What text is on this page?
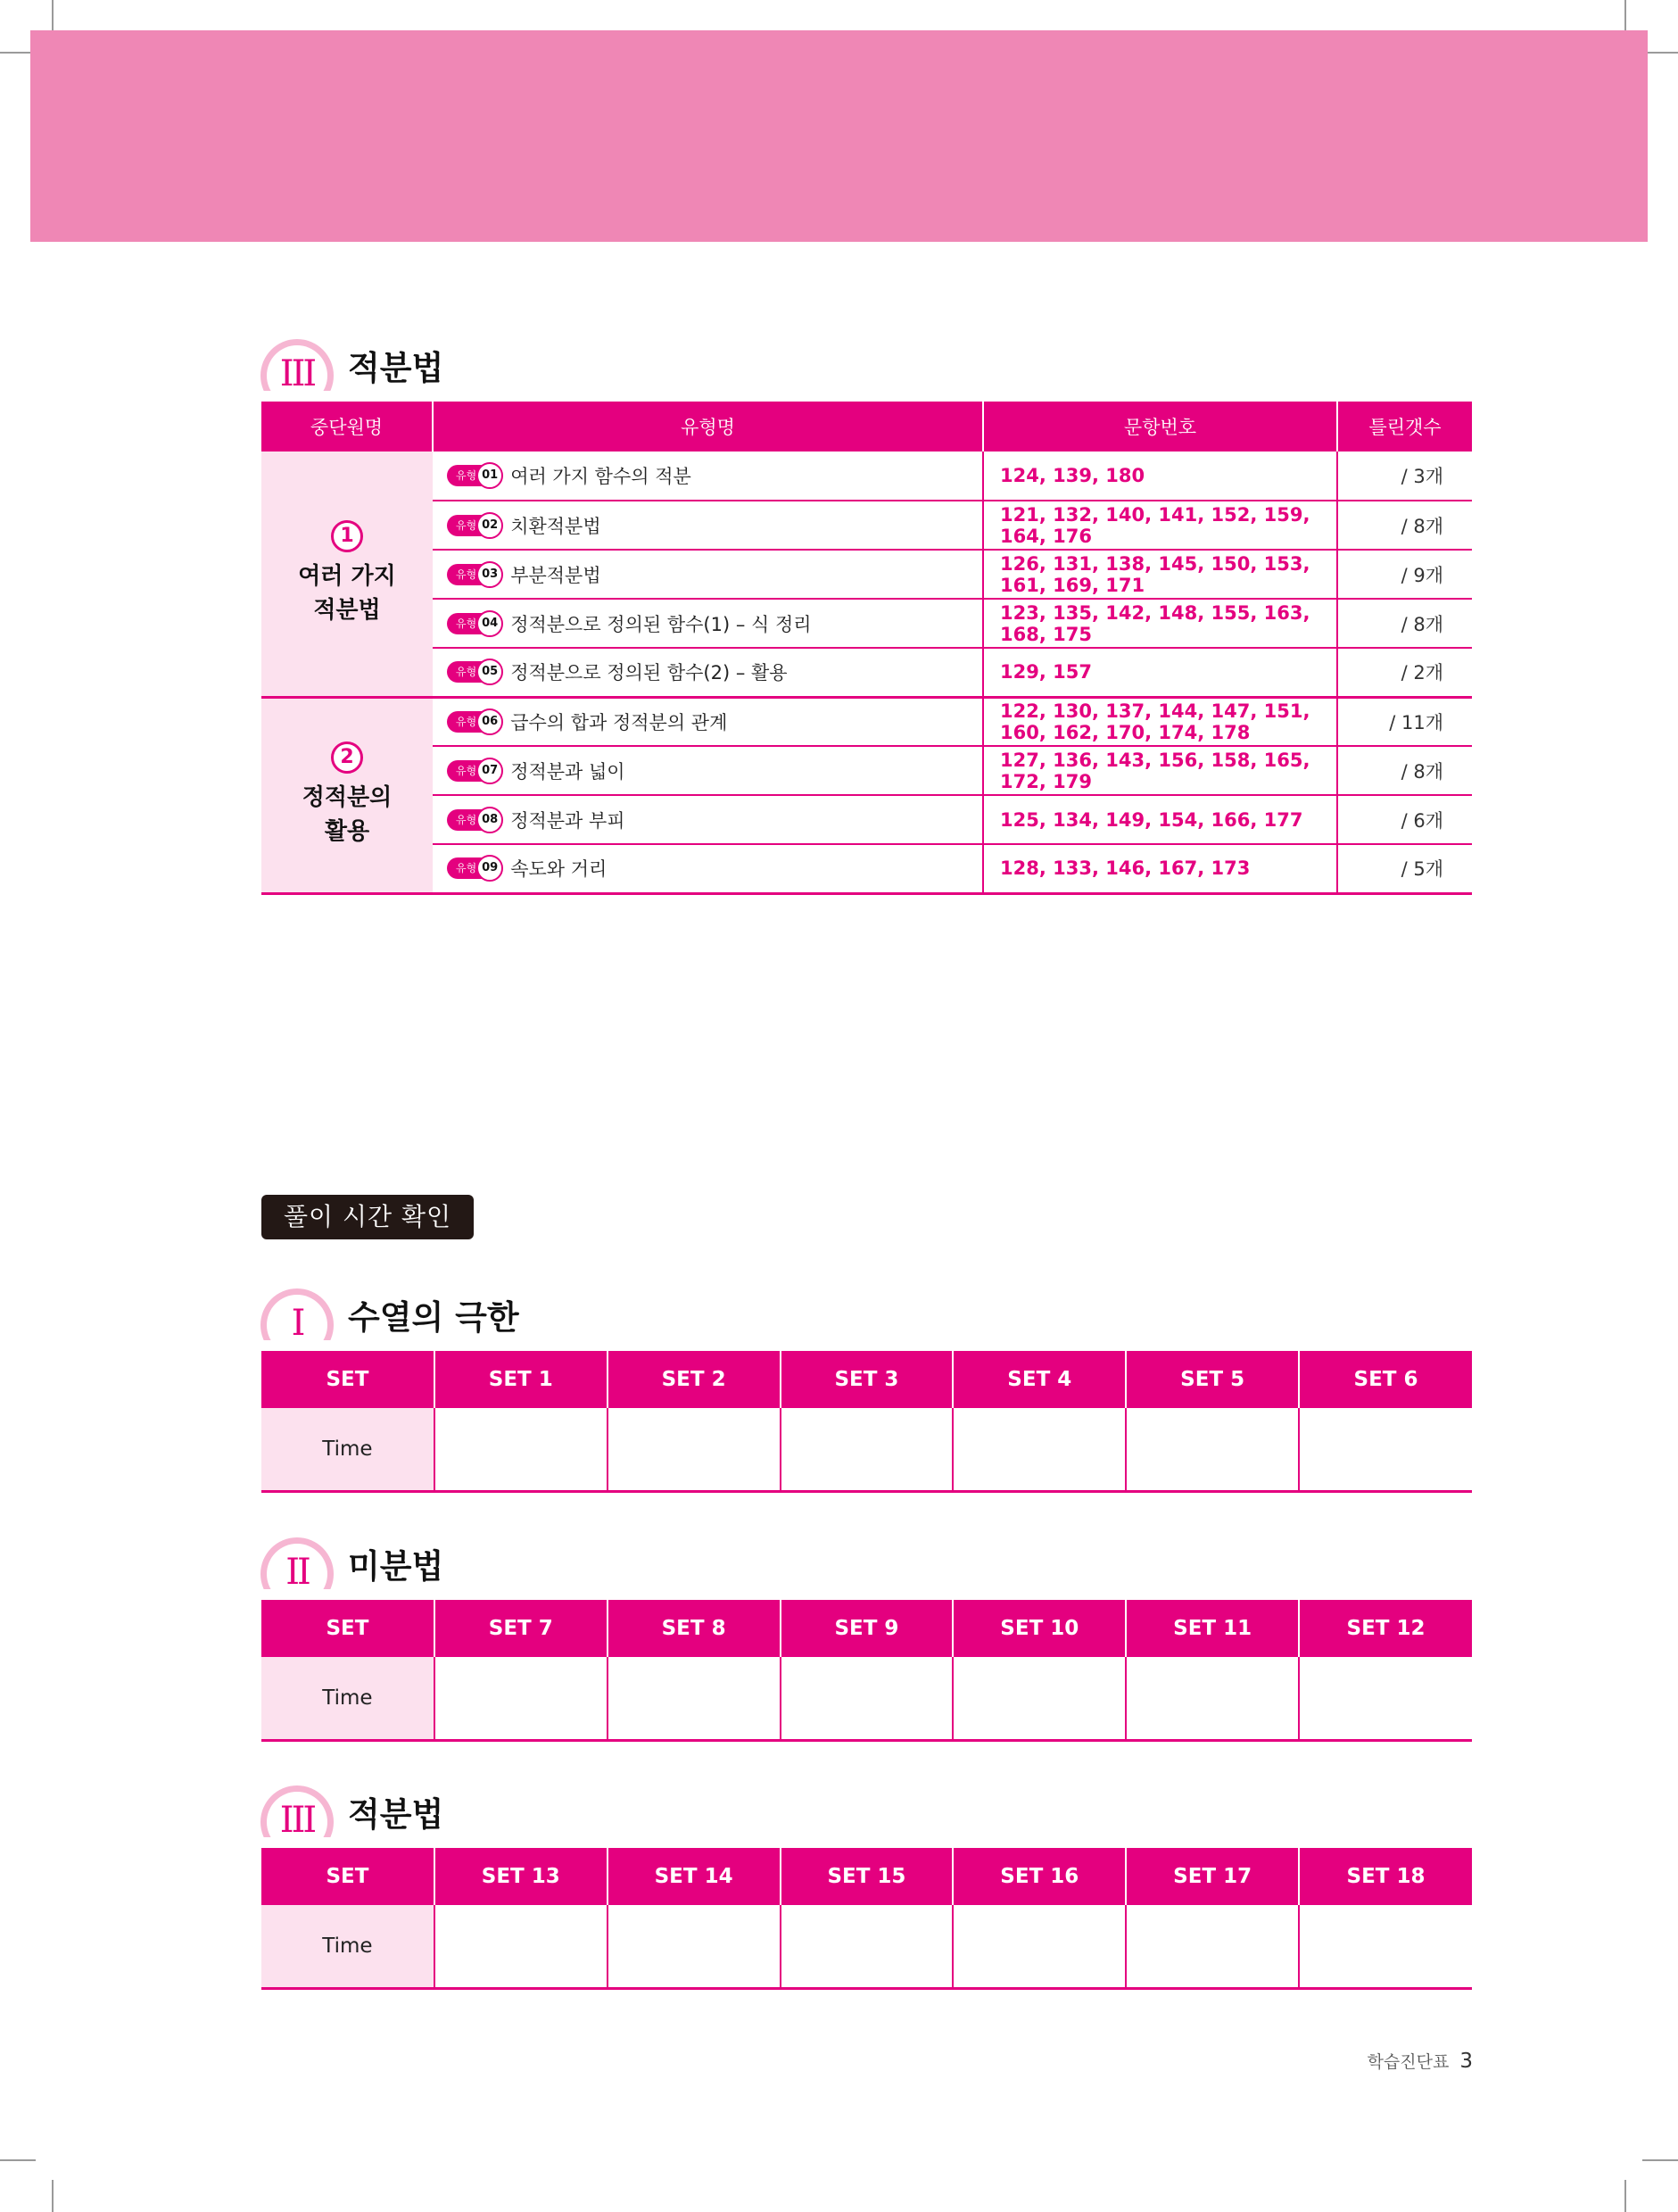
III	적분법
중단원명	유형명	문항번호	틀린갯수
1
여러 가지
적분법	유형 01 여러 가지 함수의 적분	124, 139, 180	/ 3개

	유형 02 치환적분법	121, 132, 140, 141, 152, 159, 164, 176	/ 8개

	유형 03 부분적분법	126, 131, 138, 145, 150, 153, 161, 169, 171	/ 9개

	유형 04 정적분으로 정의된 함수(1) – 식 정리	123, 135, 142, 148, 155, 163, 168, 175	/ 8개

	유형 05 정적분으로 정의된 함수(2) – 활용	129, 157	/ 2개
2
정적분의
활용	유형 06 급수의 합과 정적분의 관계	122, 130, 137, 144, 147, 151, 160, 162, 170, 174, 178	/ 11개

	유형 07 정적분과 넓이	127, 136, 143, 156, 158, 165, 172, 179	/ 8개

	유형 08 정적분과 부피	125, 134, 149, 154, 166, 177	/ 6개

	유형 09 속도와 거리	128, 133, 146, 167, 173	/ 5개
풀이 시간 확인
I	수열의 극한
SET	SET 1	SET 2	SET 3	SET 4	SET 5	SET 6
Time						
II	미분법
SET	SET 7	SET 8	SET 9	SET 10	SET 11	SET 12
Time						
III	적분법
SET	SET 13	SET 14	SET 15	SET 16	SET 17	SET 18
Time						
학습진단표 3
